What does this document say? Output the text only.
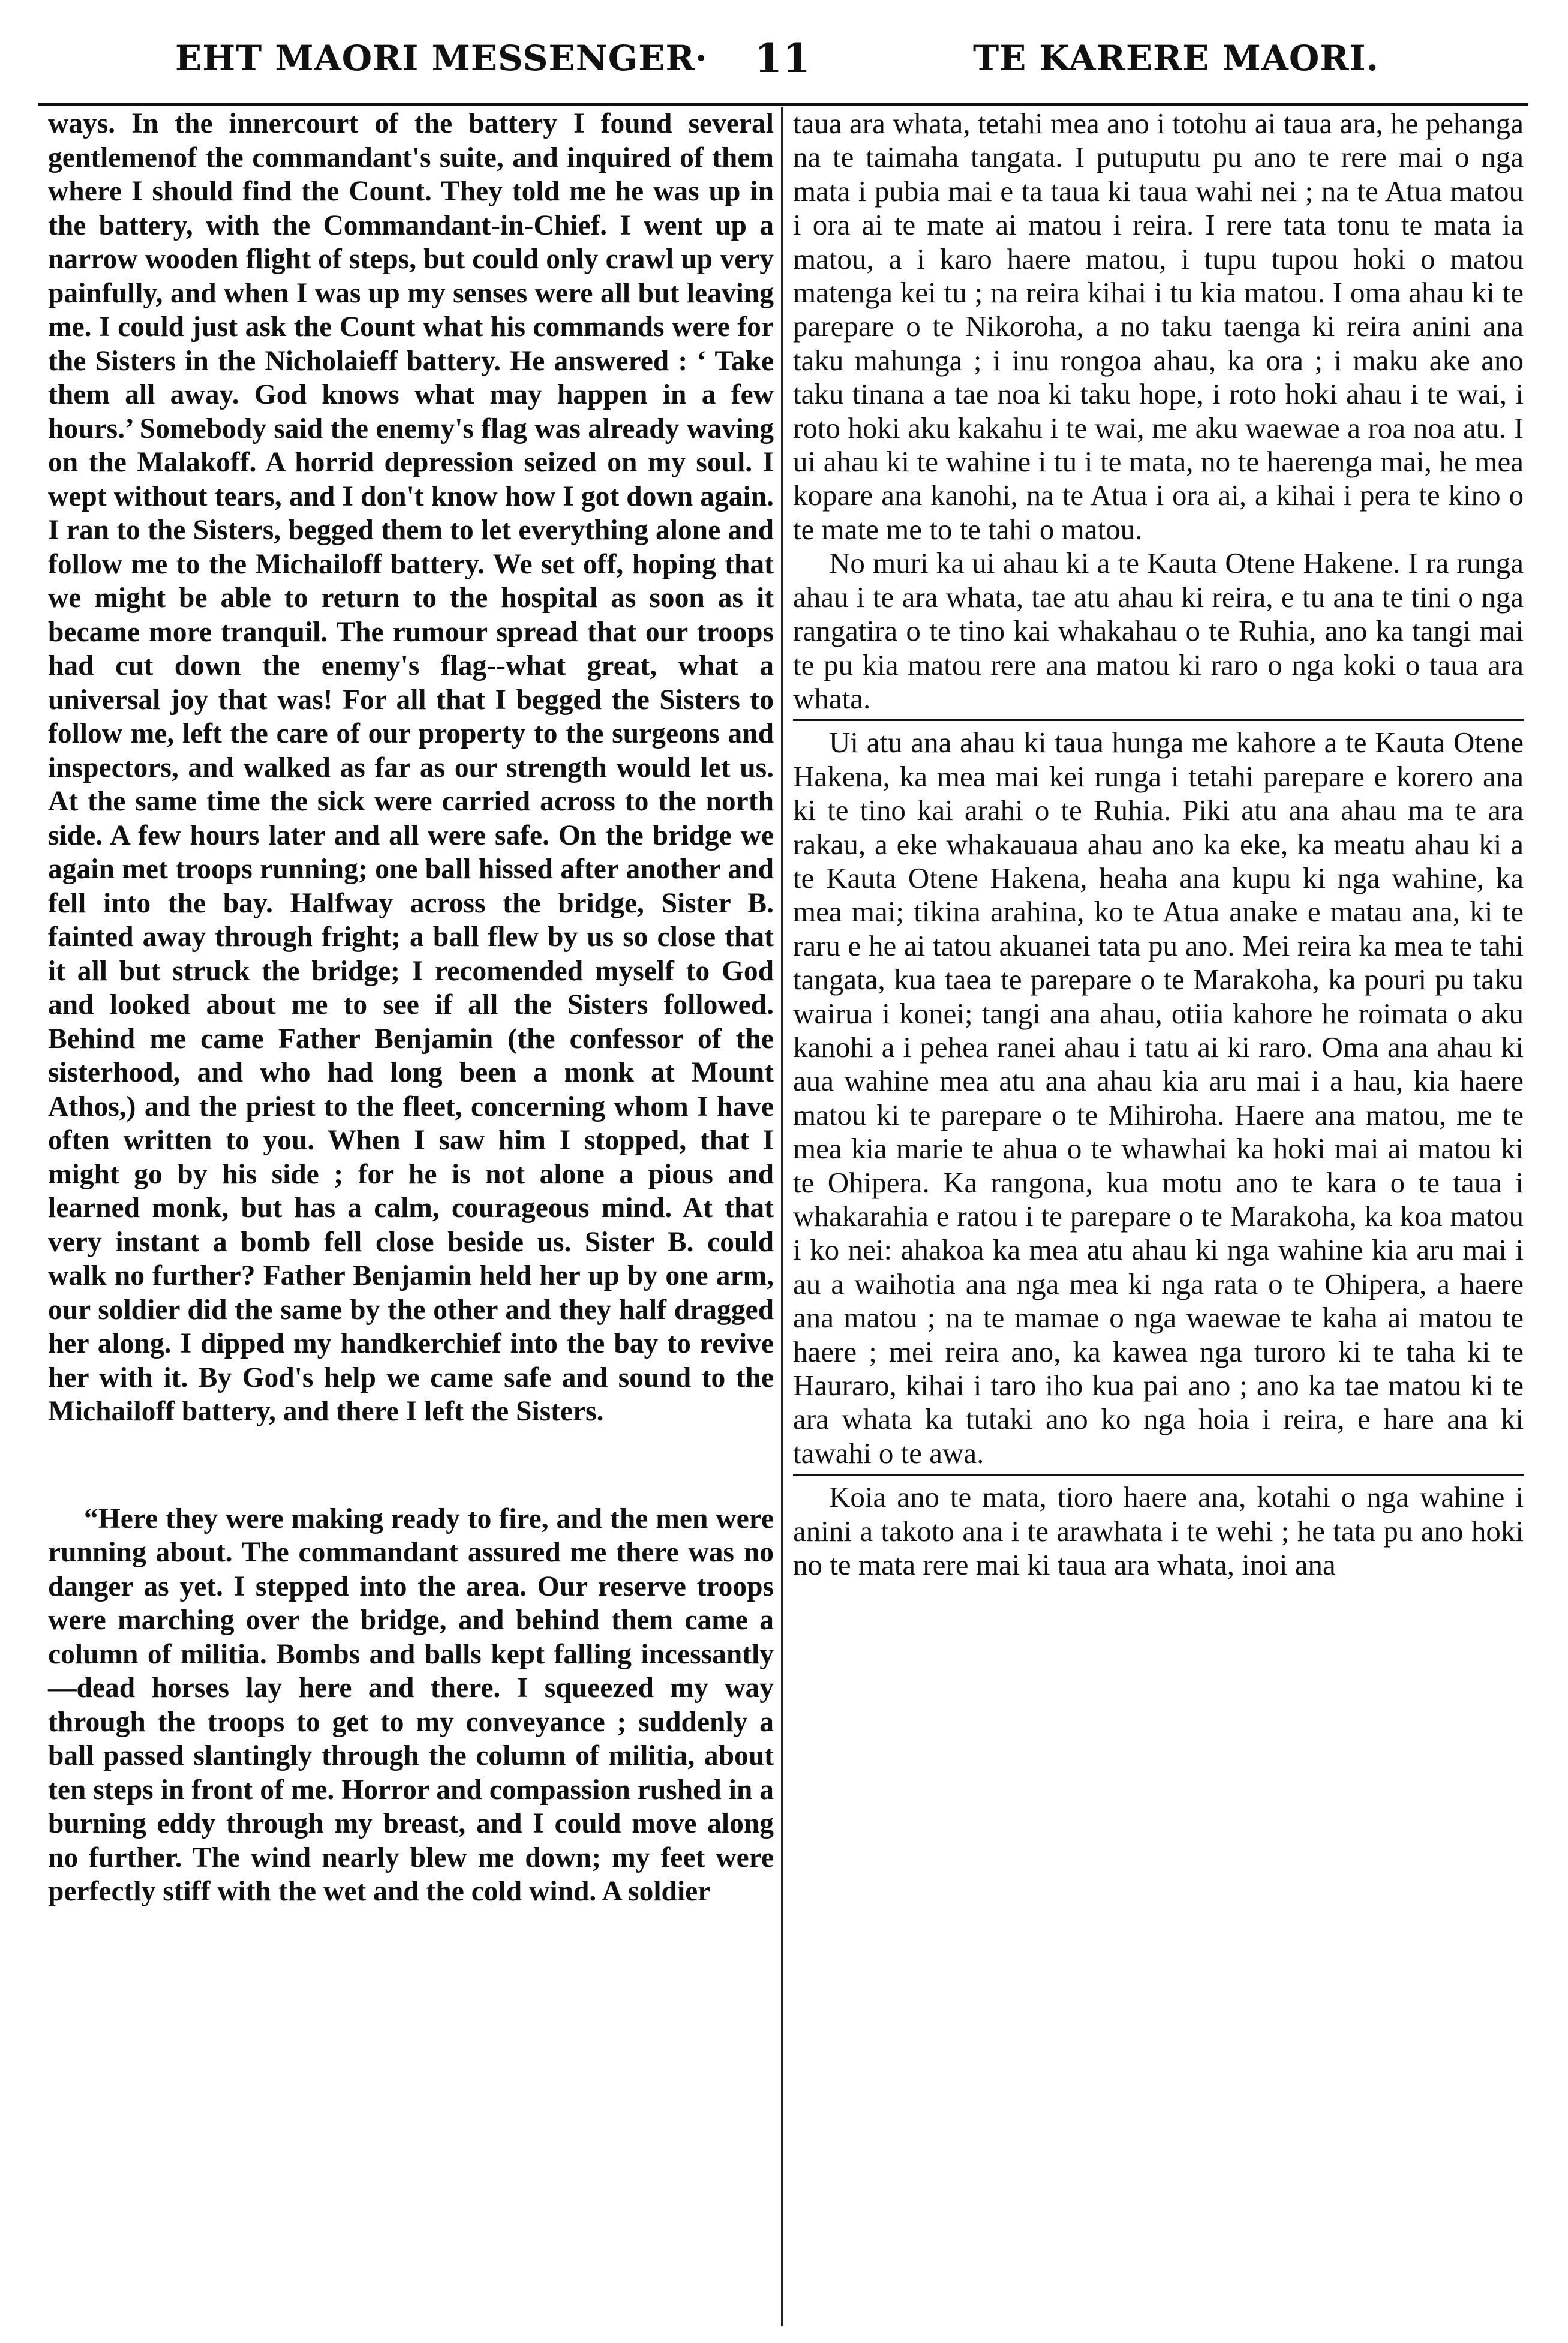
EHT MAORI MESSENGER· 11	TE KARERE MAORI.

ways. In the innercourt of the battery I found several gentlemenof the commandant's suite, and inquired of them where I should find the Count. They told me he was up in the battery, with the Commandant-in-Chief. I went up a narrow wooden flight of steps, but could only crawl up very painfully, and when I was up my senses were all but leaving me. I could just ask the Count what his commands were for the Sisters in the Nicholaieff battery. He answered : ‘ Take them all away. God knows what may happen in a few hours.’ Somebody said the enemy's flag was already waving on the Malakoff. A horrid depression seized on my soul. I wept without tears, and I don't know how I got down again. I ran to the Sisters, begged them to let everything alone and follow me to the Michailoff battery. We set off, hoping that we might be able to return to the hospital as soon as it became more tranquil. The rumour spread that our troops had cut down the enemy's flag--what great, what a universal joy that was! For all that I begged the Sisters to follow me, left the care of our property to the surgeons and inspectors, and walked as far as our strength would let us. At the same time the sick were carried across to the north side. A few hours later and all were safe. On the bridge we again met troops running; one ball hissed after another and fell into the bay. Halfway across the bridge, Sister B. fainted away through fright; a ball flew by us so close that it all but struck the bridge; I recomended myself to God and looked about me to see if all the Sisters followed. Behind me came Father Benjamin (the confessor of the sisterhood, and who had long been a monk at Mount Athos,) and the priest to the fleet, concerning whom I have often written to you. When I saw him I stopped, that I might go by his side ; for he is not alone a pious and learned monk, but has a calm, courageous mind. At that very instant a bomb fell close beside us. Sister B. could walk no further? Father Benjamin held her up by one arm, our soldier did the same by the other and they half dragged her along. I dipped my handkerchief into the bay to revive her with it. By God's help we came safe and sound to the Michailoff battery, and there I left the Sisters.

“Here they were making ready to fire, and the men were running about. The commandant assured me there was no danger as yet. I stepped into the area. Our reserve troops were marching over the bridge, and behind them came a column of militia. Bombs and balls kept falling incessantly—dead horses lay here and there. I squeezed my way through the troops to get to my conveyance ; suddenly a ball passed slantingly through the column of militia, about ten steps in front of me. Horror and compassion rushed in a burning eddy through my breast, and I could move along no further. The wind nearly blew me down; my feet were perfectly stiff with the wet and the cold wind. A soldier

taua ara whata, tetahi mea ano i totohu ai taua ara, he pehanga na te taimaha tangata. I putuputu pu ano te rere mai o nga mata i pubia mai e ta taua ki taua wahi nei ; na te Atua matou i ora ai te mate ai matou i reira. I rere tata tonu te mata ia matou, a i karo haere matou, i tupu tupou hoki o matou matenga kei tu ; na reira kihai i tu kia matou. I oma ahau ki te parepare o te Nikoroha, a no taku taenga ki reira anini ana taku mahunga ; i inu rongoa ahau, ka ora ; i maku ake ano taku tinana a tae noa ki taku hope, i roto hoki ahau i te wai, i roto hoki aku kakahu i te wai, me aku waewae a roa noa atu. I ui ahau ki te wahine i tu i te mata, no te haerenga mai, he mea kopare ana kanohi, na te Atua i ora ai, a kihai i pera te kino o te mate me to te tahi o matou.

No muri ka ui ahau ki a te Kauta Otene Hakene. I ra runga ahau i te ara whata, tae atu ahau ki reira, e tu ana te tini o nga rangatira o te tino kai whakahau o te Ruhia, ano ka tangi mai te pu kia matou rere ana matou ki raro o nga koki o taua ara whata.

Ui atu ana ahau ki taua hunga me kahore a te Kauta Otene Hakena, ka mea mai kei runga i tetahi parepare e korero ana ki te tino kai arahi o te Ruhia. Piki atu ana ahau ma te ara rakau, a eke whakauaua ahau ano ka eke, ka meatu ahau ki a te Kauta Otene Hakena, heaha ana kupu ki nga wahine, ka mea mai; tikina arahina, ko te Atua anake e matau ana, ki te raru e he ai tatou akuanei tata pu ano. Mei reira ka mea te tahi tangata, kua taea te parepare o te Marakoha, ka pouri pu taku wairua i konei; tangi ana ahau, otiia kahore he roimata o aku kanohi a i pehea ranei ahau i tatu ai ki raro. Oma ana ahau ki aua wahine mea atu ana ahau kia aru mai i a hau, kia haere matou ki te parepare o te Mihiroha. Haere ana matou, me te mea kia marie te ahua o te whawhai ka hoki mai ai matou ki te Ohipera. Ka rangona, kua motu ano te kara o te taua i whakarahia e ratou i te parepare o te Marakoha, ka koa matou i ko nei: ahakoa ka mea atu ahau ki nga wahine kia aru mai i au a waihotia ana nga mea ki nga rata o te Ohipera, a haere ana matou ; na te mamae o nga waewae te kaha ai matou te haere ; mei reira ano, ka kawea nga turoro ki te taha ki te Hauraro, kihai i taro iho kua pai ano ; ano ka tae matou ki te ara whata ka tutaki ano ko nga hoia i reira, e hare ana ki tawahi o te awa.

Koia ano te mata, tioro haere ana, kotahi o nga wahine i anini a takoto ana i te arawhata i te wehi ; he tata pu ano hoki no te mata rere mai ki taua ara whata, inoi ana
